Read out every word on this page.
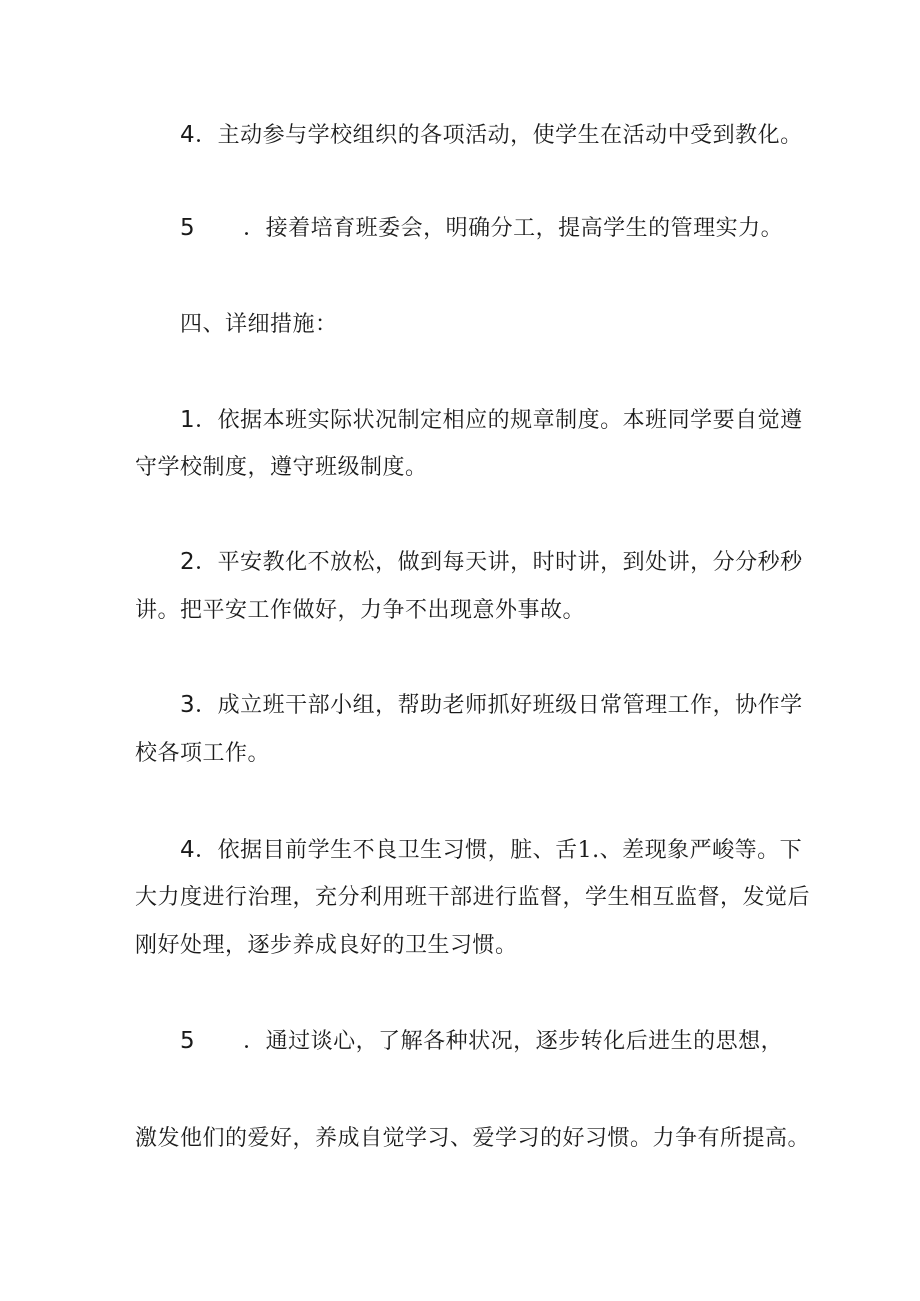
4．主动参与学校组织的各项活动，使学生在活动中受到教化。
5 ．接着培育班委会，明确分工，提高学生的管理实力。
四、详细措施：
1．依据本班实际状况制定相应的规章制度。本班同学要自觉遵
守学校制度，遵守班级制度。
2．平安教化不放松，做到每天讲，时时讲，到处讲，分分秒秒
讲。把平安工作做好，力争不出现意外事故。
3．成立班干部小组，帮助老师抓好班级日常管理工作，协作学
校各项工作。
4．依据目前学生不良卫生习惯，脏、舌1.、差现象严峻等。下
大力度进行治理，充分利用班干部进行监督，学生相互监督，发觉后
刚好处理，逐步养成良好的卫生习惯。
5 ．通过谈心，了解各种状况，逐步转化后进生的思想，
激发他们的爱好，养成自觉学习、爱学习的好习惯。力争有所提高。
